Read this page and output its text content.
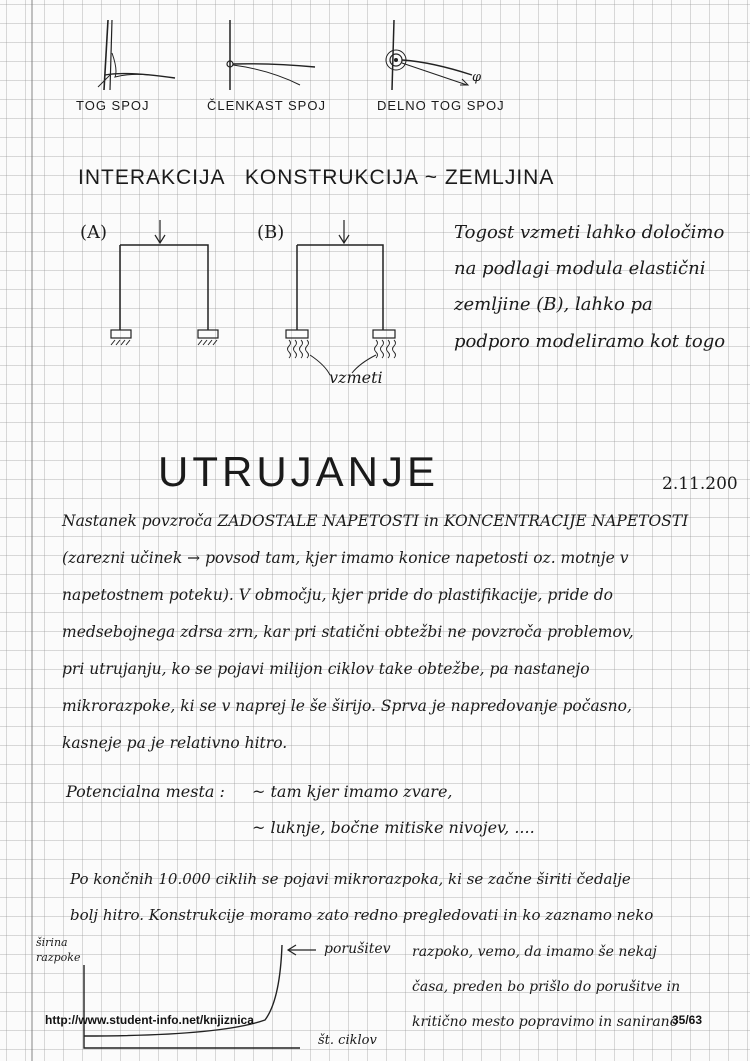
φ
TOG SPOJ	ČLENKAST SPOJ	DELNO TOG SPOJ
INTERAKCIJA   KONSTRUKCIJA ~ ZEMLJINA
(A)	(B)
vzmeti
Togost vzmeti lahko določimo
na podlagi modula elastični
zemljine (B), lahko pa
podporo modeliramo kot togo
UTRUJANJE	2.11.200
Nastanek povzroča ZADOSTALE NAPETOSTI in KONCENTRACIJE NAPETOSTI
(zarezni učinek → povsod tam, kjer imamo konice napetosti oz. motnje v
napetostnem poteku). V območju, kjer pride do plastifikacije, pride do
medsebojnega zdrsa zrn, kar pri statični obtežbi ne povzroča problemov,
pri utrujanju, ko se pojavi milijon ciklov take obtežbe, pa nastanejo
mikrorazpoke, ki se v naprej le še širijo. Sprva je napredovanje počasno,
kasneje pa je relativno hitro.
Potencialna mesta : ~ tam kjer imamo zvare,
~ luknje, bočne mitiske nivojev, ....
Po končnih 10.000 ciklih se pojavi mikrorazpoka, ki se začne širiti čedalje
bolj hitro. Konstrukcije moramo zato redno pregledovati in ko zaznamo neko
širina
razpoke
porušitev
št. ciklov
razpoko, vemo, da imamo še nekaj
časa, preden bo prišlo do porušitve in
kritično mesto popravimo in sanirano
http://www.student-info.net/knjiznica	35/63
